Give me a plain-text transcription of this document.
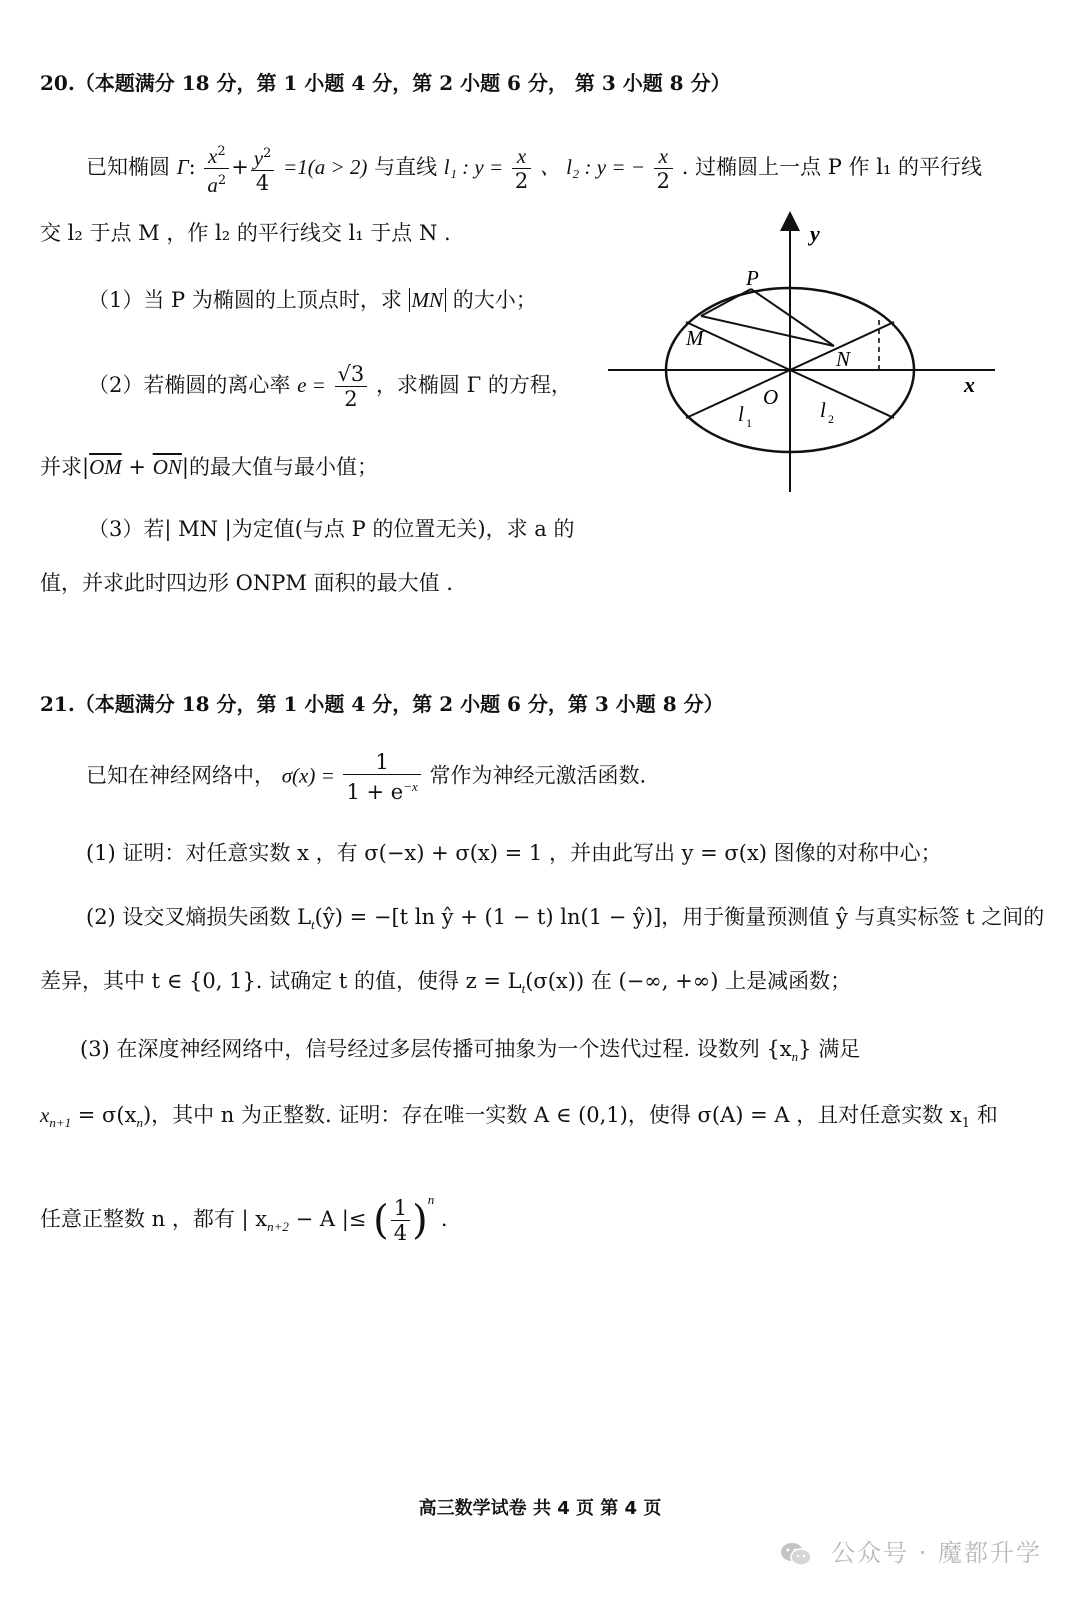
20.（本题满分 18 分，第 1 小题 4 分，第 2 小题 6 分， 第 3 小题 8 分）
已知椭圆 Γ: $\frac{x^2}{a^2} + \frac{y^2}{4} =1(a > 2)$ 与直线 l₁ : $y = \frac{x}{2}$ 、 l₂ : y = − $\frac{x}{2}$ . 过椭圆上一点 P 作 l₁ 的平行线
交 l₂ 于点 M ，作 l₂ 的平行线交 l₁ 于点 N .
（1）当 P 为椭圆的上顶点时，求 MN 的大小；
（2）若椭圆的离心率 $e = \frac{√3}{2}$ ，求椭圆 Γ 的方程，
并求$|\overline{OM} + \overline{ON}|$的最大值与最小值；
（3）若| MN |为定值(与点 P 的位置无关)，求 a 的
值，并求此时四边形 ONPM 面积的最大值 .
y
x
P
M
N
O
l 1
l 2
21.（本题满分 18 分，第 1 小题 4 分，第 2 小题 6 分，第 3 小题 8 分）
已知在神经网络中， $\sigma(x) = \frac{1}{1 + e^{-x}}$ 常作为神经元激活函数.
(1) 证明：对任意实数 x ，有 σ(−x) + σ(x) = 1 ，并由此写出 y = σ(x) 图像的对称中心；
(2) 设交叉熵损失函数 $L_t(ŷ) = -[t$ ln ŷ + (1 − t) ln(1 − ŷ)]，用于衡量预测值 ŷ 与真实标签 t 之间的
差异，其中 t ∈ {0, 1}. 试确定 t 的值，使得 $z = L_t(\sigma(x))$ 在 (−∞, +∞) 上是减函数；
(3) 在深度神经网络中，信号经过多层传播可抽象为一个迭代过程. 设数列 $\{x_n\}$ 满足
$x_{n+1} = \sigma(x_n)$，其中 n 为正整数. 证明：存在唯一实数 A ∈ (0,1)，使得 σ(A) = A ，且对任意实数 $x_1$ 和
任意正整数 n ，都有 | $x_{n+2} - A$ |≤ ( $\frac{1}{4} )^n$ .
高三数学试卷 共 4 页 第 4 页
公众号 · 魔都升学
